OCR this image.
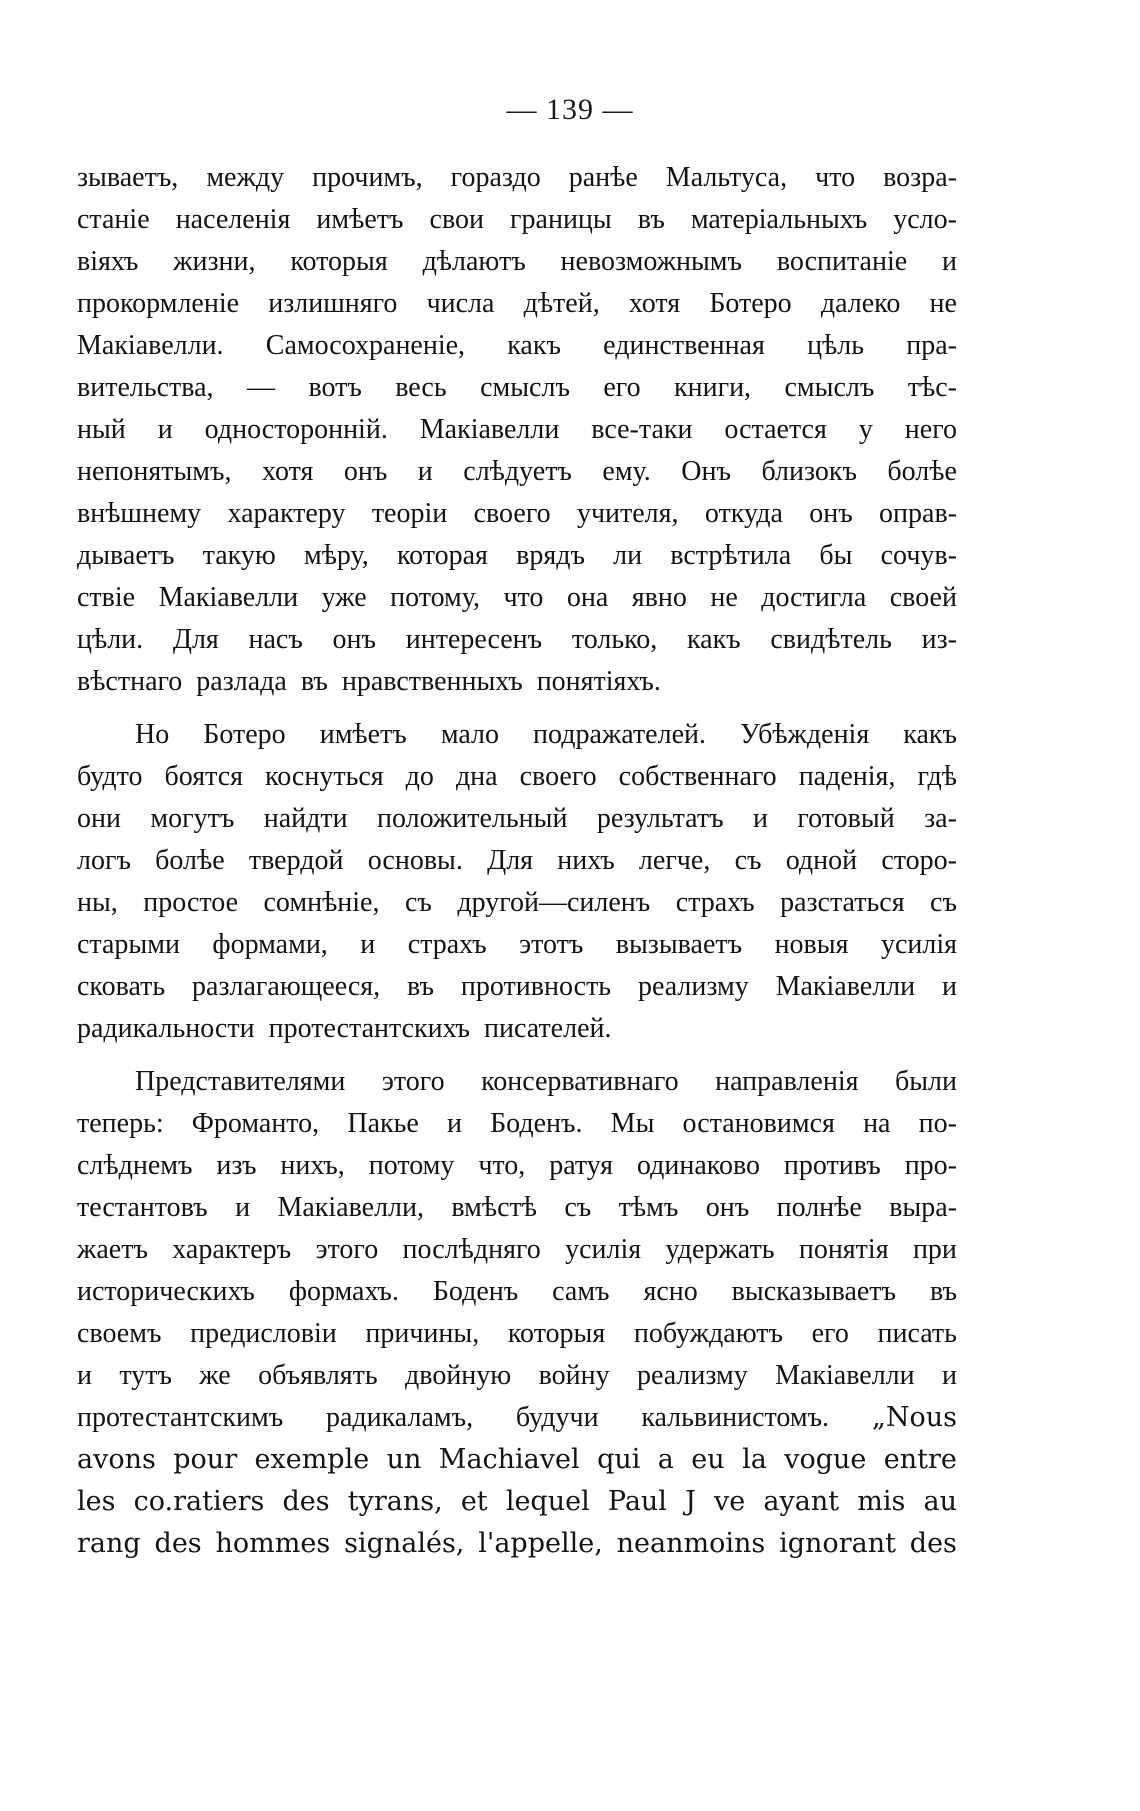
— 139 —
зываетъ, между прочимъ, гораздо ранѣе Мальтуса, что возра-
станіе населенія имѣетъ свои границы въ матеріальныхъ усло-
віяхъ жизни, которыя дѣлаютъ невозможнымъ воспитаніе и
прокормленіе излишняго числа дѣтей, хотя Ботеро далеко не
Макіавелли. Самосохраненіе, какъ единственная цѣль пра-
вительства, — вотъ весь смыслъ его книги, смыслъ тѣс-
ный и односторонній. Макіавелли все-таки остается у него
непонятымъ, хотя онъ и слѣдуетъ ему. Онъ близокъ болѣе
внѣшнему характеру теоріи своего учителя, откуда онъ оправ-
дываетъ такую мѣру, которая врядъ ли встрѣтила бы сочув-
ствіе Макіавелли уже потому, что она явно не достигла своей
цѣли. Для насъ онъ интересенъ только, какъ свидѣтель из-
вѣстнаго разлада въ нравственныхъ понятіяхъ.
Но Ботеро имѣетъ мало подражателей. Убѣжденія какъ
будто боятся коснуться до дна своего собственнаго паденія, гдѣ
они могутъ найдти положительный результатъ и готовый за-
логъ болѣе твердой основы. Для нихъ легче, съ одной сторо-
ны, простое сомнѣніе, съ другой—силенъ страхъ разстаться съ
старыми формами, и страхъ этотъ вызываетъ новыя усилія
сковать разлагающееся, въ противность реализму Макіавелли и
радикальности протестантскихъ писателей.
Представителями этого консервативнаго направленія были
теперь: Фроманто, Пакье и Боденъ. Мы остановимся на по-
слѣднемъ изъ нихъ, потому что, ратуя одинаково противъ про-
тестантовъ и Макіавелли, вмѣстѣ съ тѣмъ онъ полнѣе выра-
жаетъ характеръ этого послѣдняго усилія удержать понятія при
историческихъ формахъ. Боденъ самъ ясно высказываетъ въ
своемъ предисловіи причины, которыя побуждаютъ его писать
и тутъ же объявлять двойную войну реализму Макіавелли и
протестантскимъ радикаламъ, будучи кальвинистомъ. „Nous
avons pour exemple un Machiavel qui a eu la vogue entre
les co.ratiers des tyrans, et lequel Paul J ve ayant mis au
rang des hommes signalés, l'appelle, neanmoins ignorant des
